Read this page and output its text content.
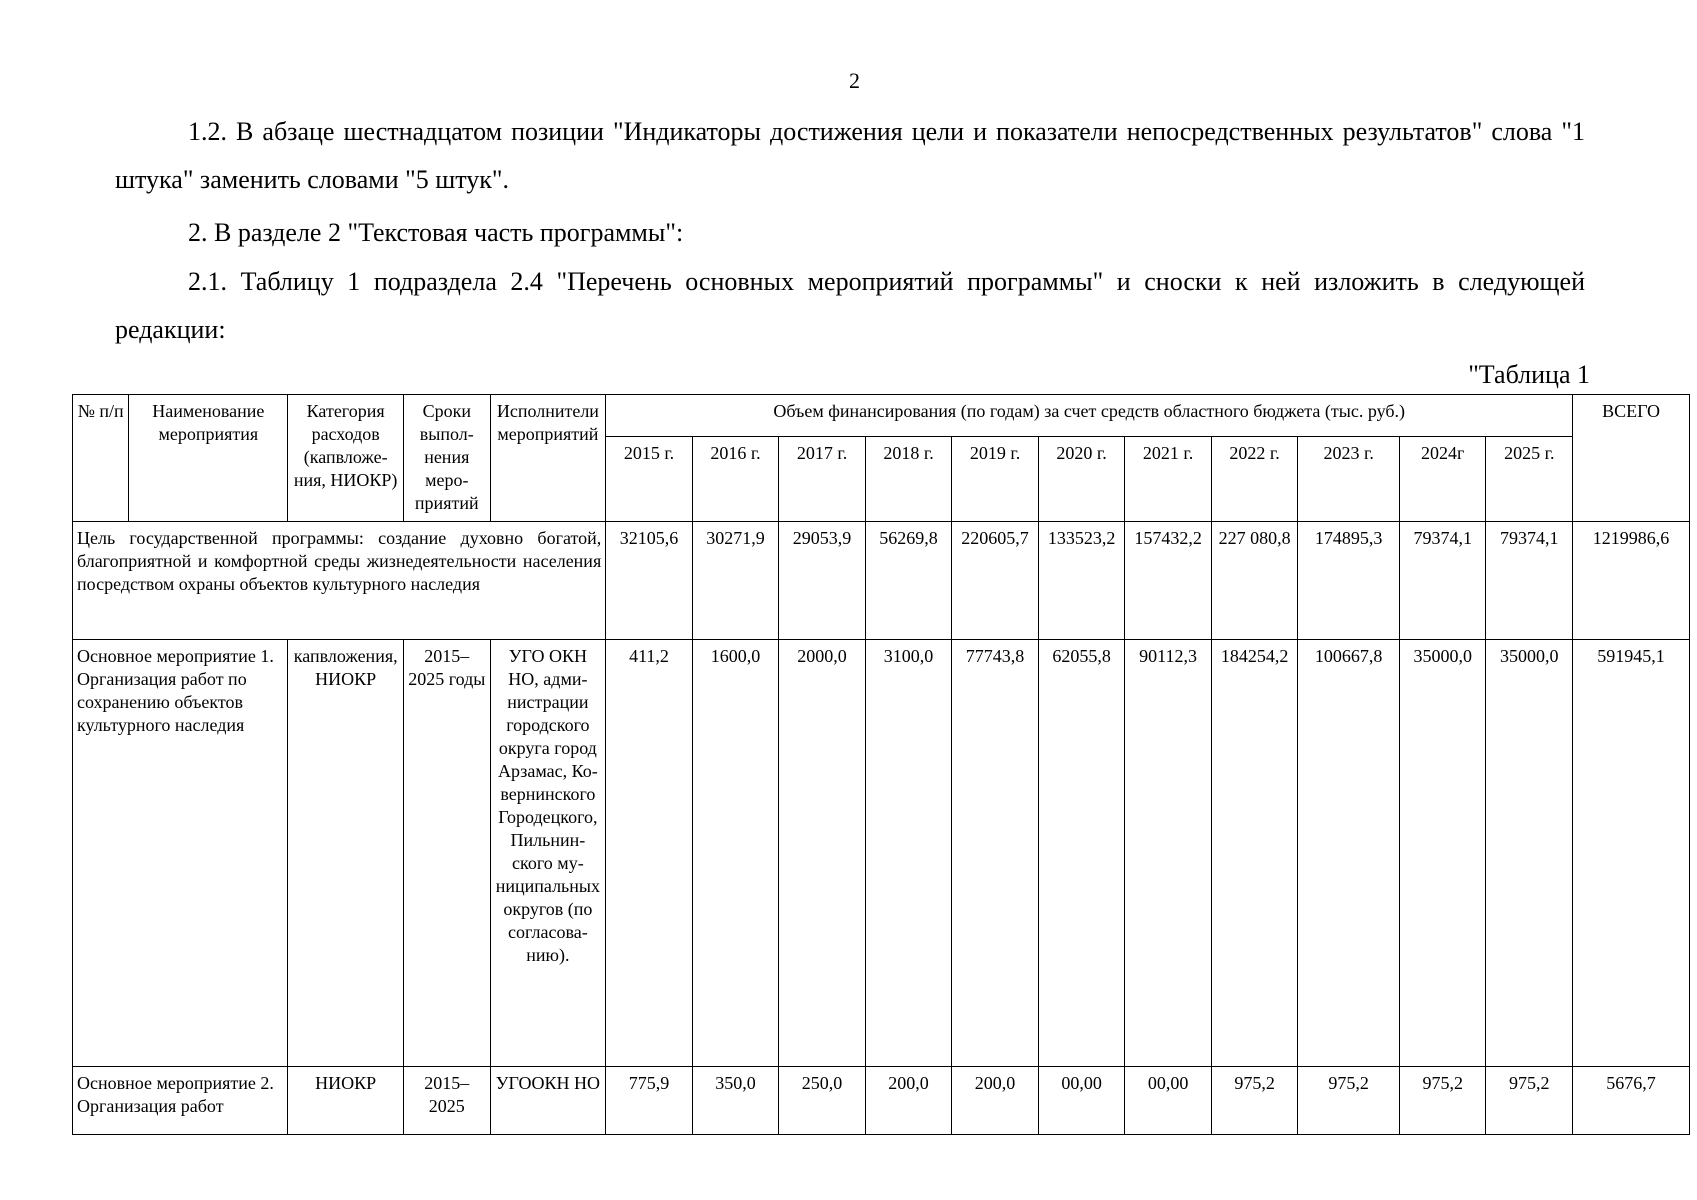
2

1.2. В абзаце шестнадцатом позиции "Индикаторы достижения цели и показатели непосредственных результатов" слова "1 штука" заменить словами "5 штук".

2. В разделе 2 "Текстовая часть программы":

2.1. Таблицу 1 подраздела 2.4 "Перечень основных мероприятий программы" и сноски к ней изложить в следующей редакции:

"Таблица 1
№ п/п	Наименование мероприятия	Категория расходов (капвложения, НИОКР)	Сроки выполнения мероприятий	Исполнители мероприятий	Объем финансирования (по годам) за счет средств областного бюджета (тыс. руб.)											ВСЕГО
					2015 г.	2016 г.	2017 г.	2018 г.	2019 г.	2020 г.	2021 г.	2022 г.	2023 г.	2024г	2025 г.	
Цель государственной программы: создание духовно богатой, благоприятной и комфортной среды жизнедеятельности населения посредством охраны объектов культурного наследия					32105,6	30271,9	29053,9	56269,8	220605,7	133523,2	157432,2	227 080,8	174895,3	79374,1	79374,1	1219986,6
Основное мероприятие 1. Организация работ по сохранению объектов культурного наследия		капвложения, НИОКР	2015–2025 годы	УГО ОКН НО, администрации городского округа город Арзамас, Ковернинского Городецкого, Пильнинского муниципальных округов (по согласованию).	411,2	1600,0	2000,0	3100,0	77743,8	62055,8	90112,3	184254,2	100667,8	35000,0	35000,0	591945,1
Основное мероприятие 2. Организация работ		НИОКР	2015–2025	УГООКН НО	775,9	350,0	250,0	200,0	200,0	00,00	00,00	975,2	975,2	975,2	975,2	5676,7
